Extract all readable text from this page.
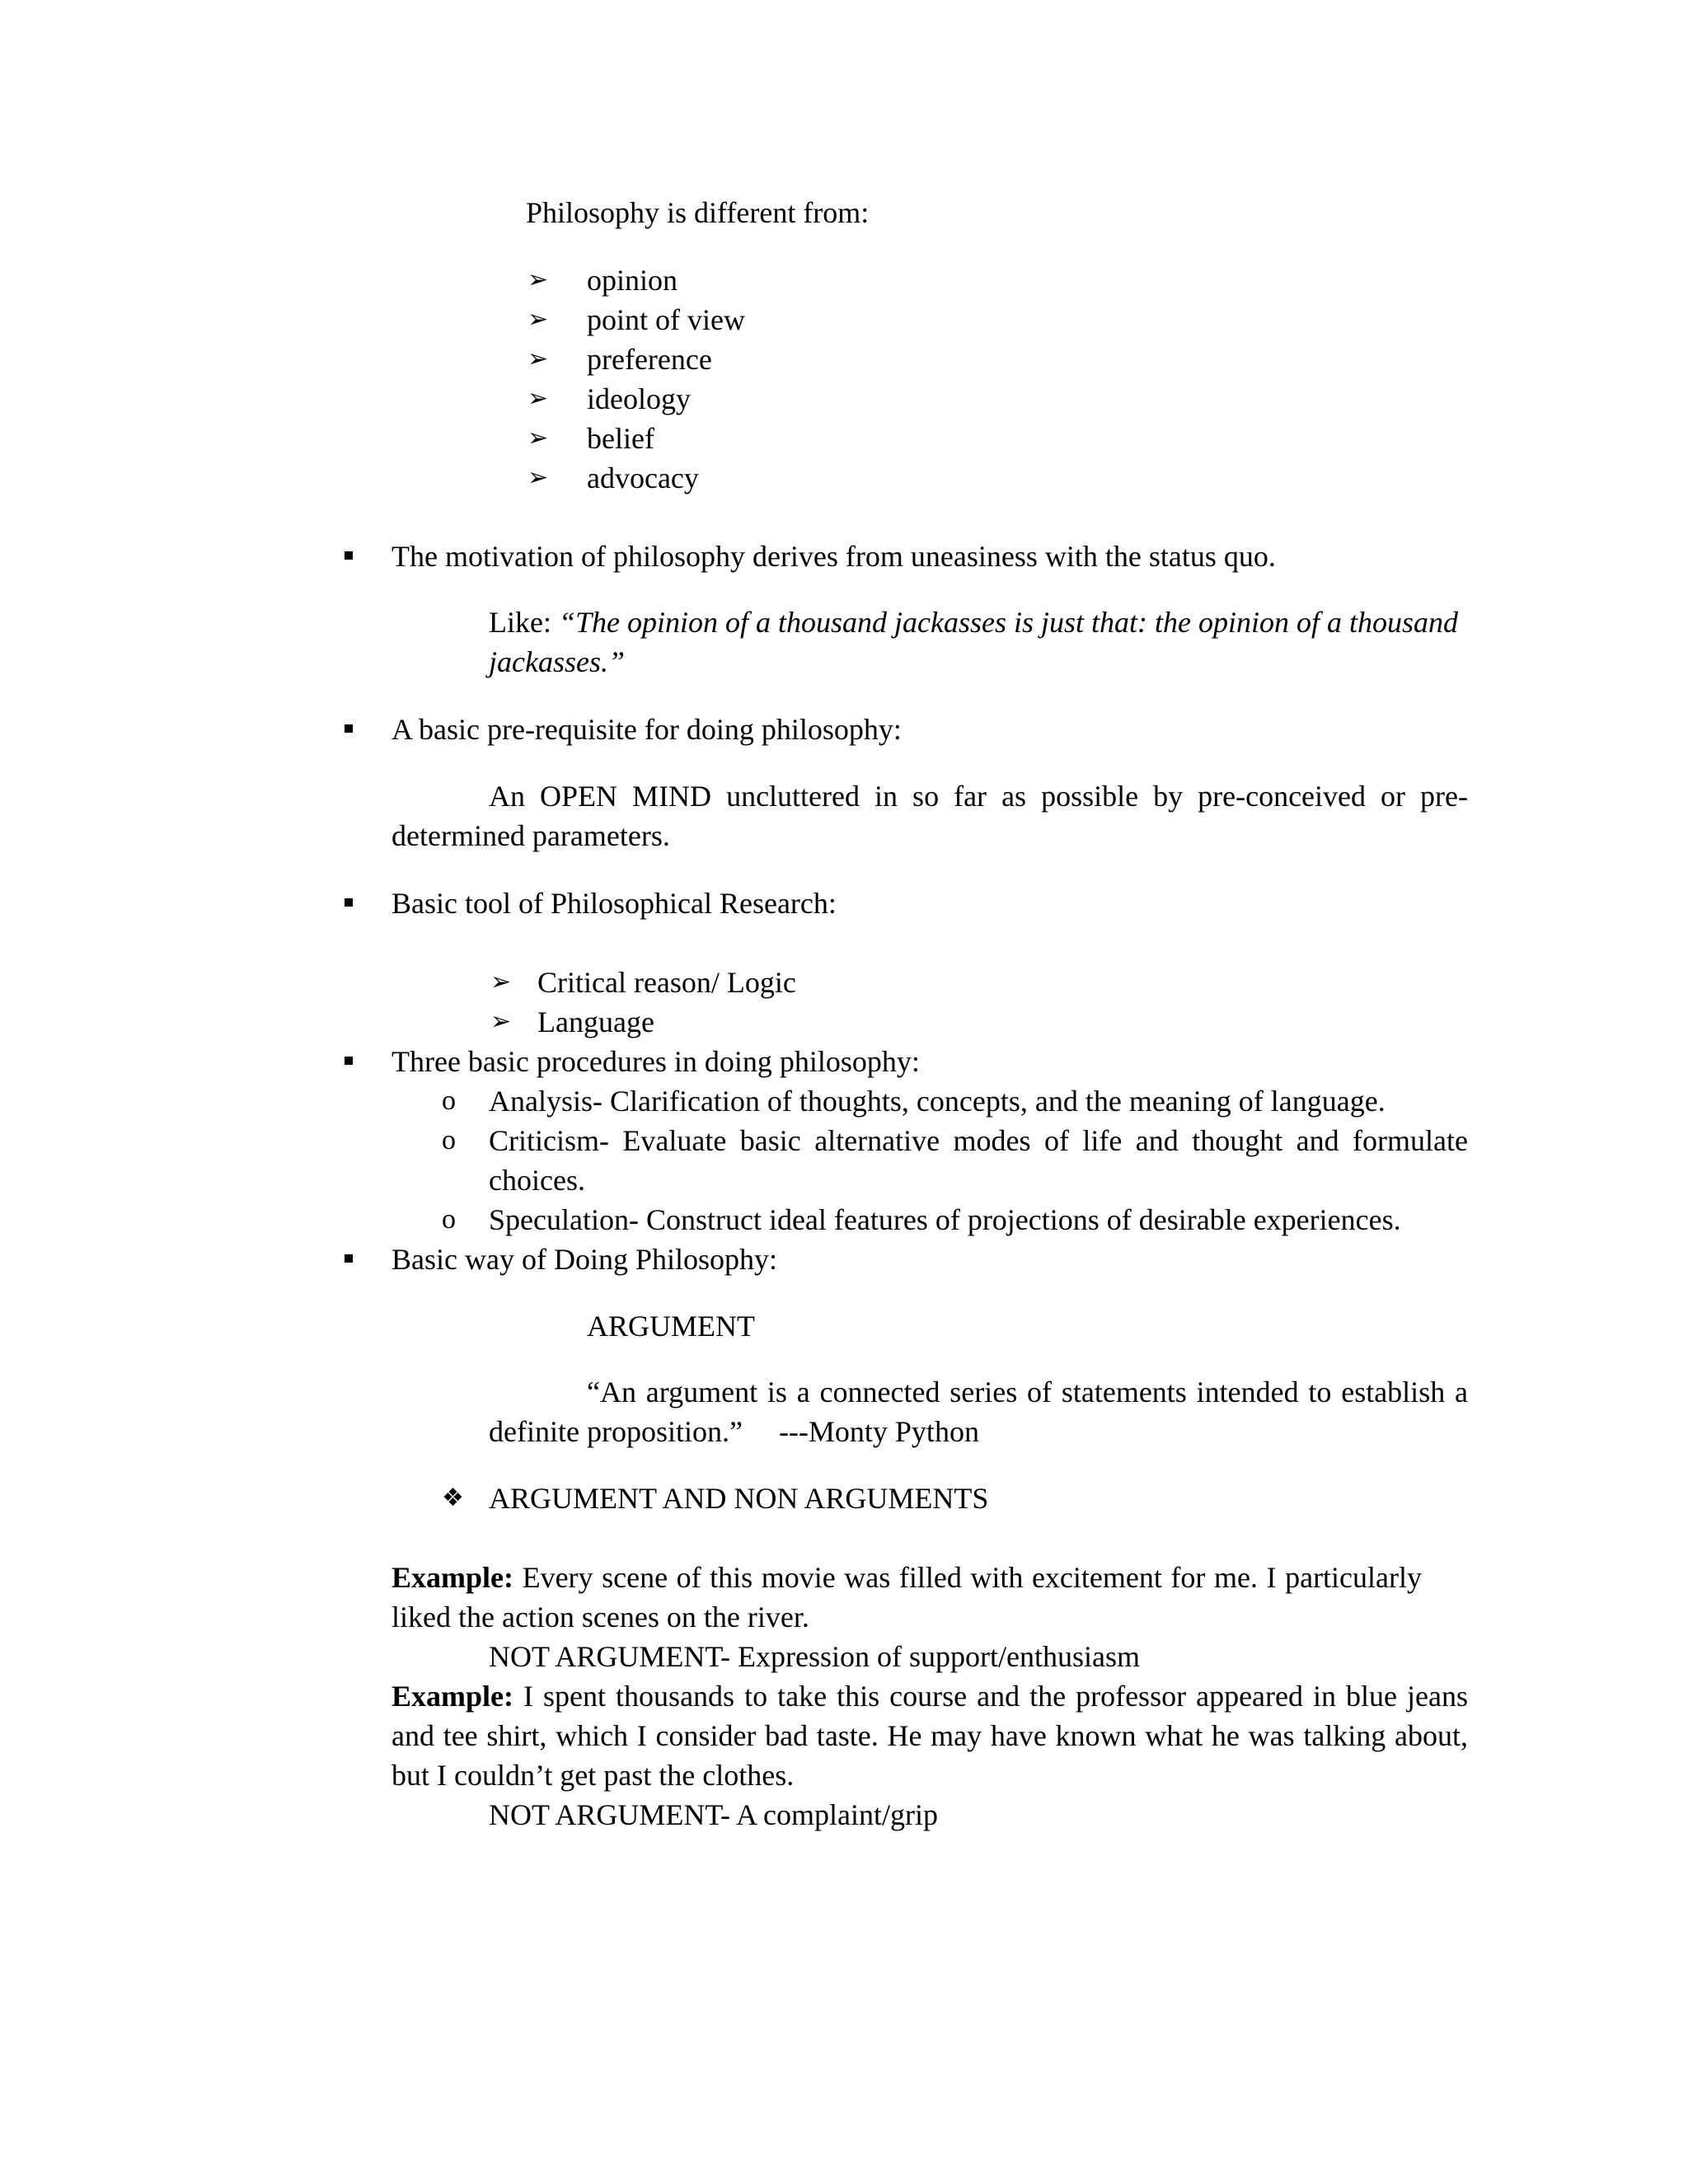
Philosophy is different from:
➢ opinion
➢ point of view
➢ preference
➢ ideology
➢ belief
➢ advocacy
The motivation of philosophy derives from uneasiness with the status quo.
Like: “The opinion of a thousand jackasses is just that: the opinion of a thousand
jackasses.”
A basic pre-requisite for doing philosophy:
An OPEN MIND uncluttered in so far as possible by pre-conceived or pre-determined parameters.
Basic tool of Philosophical Research:
➢ Critical reason/ Logic
➢ Language
Three basic procedures in doing philosophy:
o Analysis- Clarification of thoughts, concepts, and the meaning of language.
o Criticism- Evaluate basic alternative modes of life and thought and formulate choices.
o Speculation- Construct ideal features of projections of desirable experiences.
Basic way of Doing Philosophy:
ARGUMENT
“An argument is a connected series of statements intended to establish a definite proposition.” ---Monty Python
❖ ARGUMENT AND NON ARGUMENTS
Example: Every scene of this movie was filled with excitement for me. I particularly liked the action scenes on the river.
NOT ARGUMENT- Expression of support/enthusiasm
Example: I spent thousands to take this course and the professor appeared in blue jeans and tee shirt, which I consider bad taste. He may have known what he was talking about, but I couldn’t get past the clothes.
NOT ARGUMENT- A complaint/grip
